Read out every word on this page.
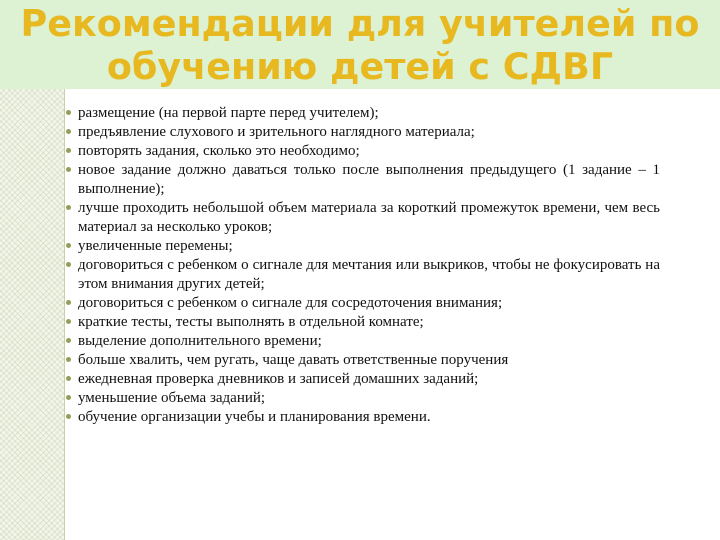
Рекомендации для учителей по обучению детей с СДВГ
размещение (на первой парте перед учителем);
предъявление слухового и зрительного наглядного материала;
повторять задания, сколько это необходимо;
новое задание должно даваться только после выполнения предыдущего (1 задание – 1 выполнение);
лучше проходить небольшой объем материала за короткий промежуток времени, чем весь материал за несколько уроков;
увеличенные перемены;
договориться с ребенком о сигнале для мечтания или выкриков, чтобы не фокусировать на этом внимания других детей;
договориться с ребенком о сигнале для сосредоточения внимания;
краткие тесты, тесты выполнять в отдельной комнате;
выделение дополнительного времени;
больше хвалить, чем ругать, чаще давать ответственные поручения
ежедневная проверка дневников и записей домашних заданий;
уменьшение объема заданий;
обучение организации учебы и планирования времени.
